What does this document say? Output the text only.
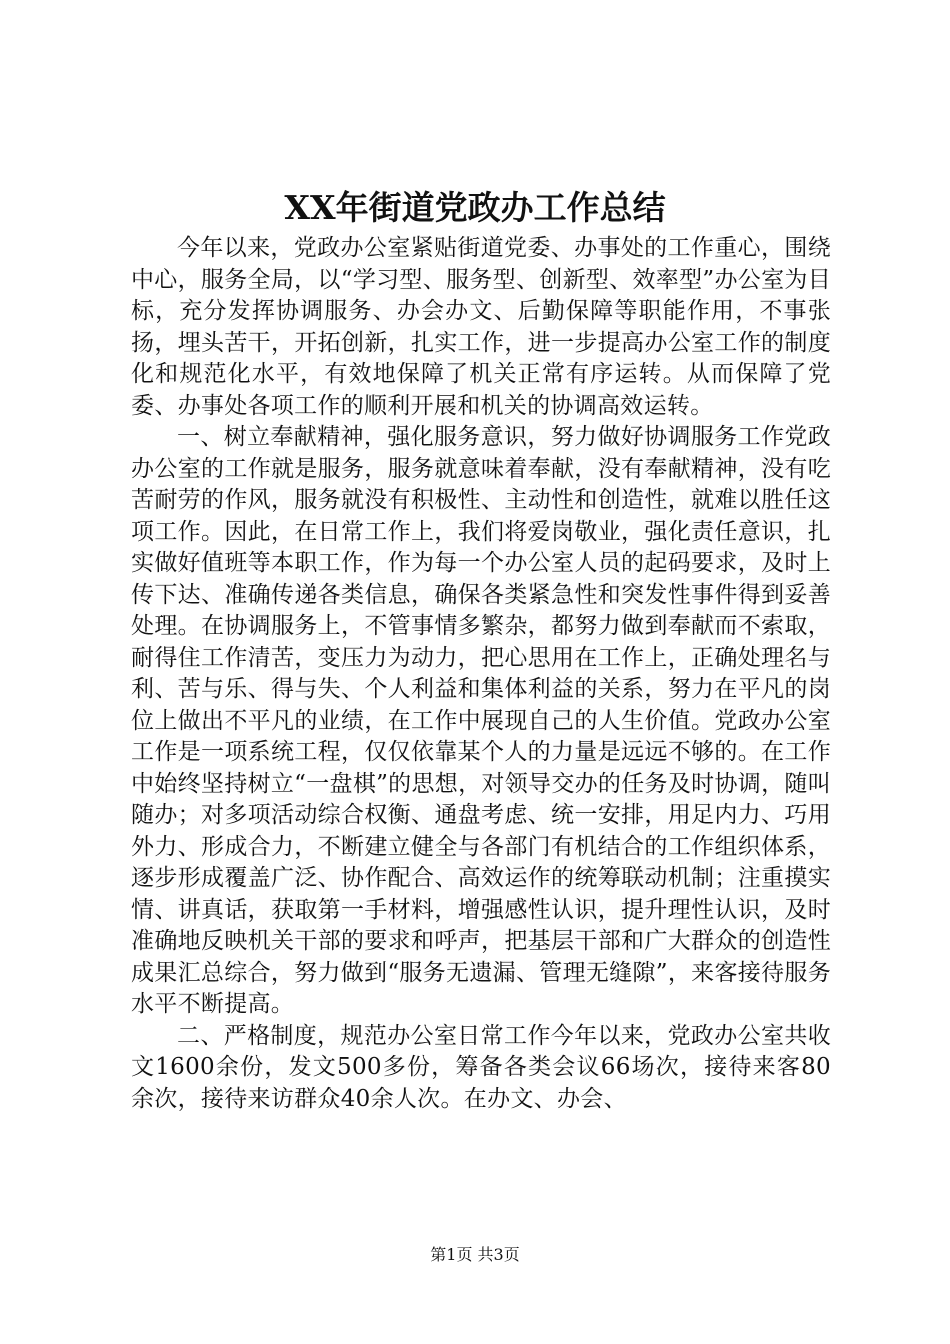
XX年街道党政办工作总结

今年以来，党政办公室紧贴街道党委、办事处的工作重心，围绕中心，服务全局，以“学习型、服务型、创新型、效率型”办公室为目标，充分发挥协调服务、办会办文、后勤保障等职能作用，不事张扬，埋头苦干，开拓创新，扎实工作，进一步提高办公室工作的制度化和规范化水平，有效地保障了机关正常有序运转。从而保障了党委、办事处各项工作的顺利开展和机关的协调高效运转。

一、树立奉献精神，强化服务意识，努力做好协调服务工作党政办公室的工作就是服务，服务就意味着奉献，没有奉献精神，没有吃苦耐劳的作风，服务就没有积极性、主动性和创造性，就难以胜任这项工作。因此，在日常工作上，我们将爱岗敬业，强化责任意识，扎实做好值班等本职工作，作为每一个办公室人员的起码要求，及时上传下达、准确传递各类信息，确保各类紧急性和突发性事件得到妥善处理。在协调服务上，不管事情多繁杂，都努力做到奉献而不索取，耐得住工作清苦，变压力为动力，把心思用在工作上，正确处理名与利、苦与乐、得与失、个人利益和集体利益的关系，努力在平凡的岗位上做出不平凡的业绩，在工作中展现自己的人生价值。党政办公室工作是一项系统工程，仅仅依靠某个人的力量是远远不够的。在工作中始终坚持树立“一盘棋”的思想，对领导交办的任务及时协调，随叫随办；对多项活动综合权衡、通盘考虑、统一安排，用足内力、巧用外力、形成合力，不断建立健全与各部门有机结合的工作组织体系，逐步形成覆盖广泛、协作配合、高效运作的统筹联动机制；注重摸实情、讲真话，获取第一手材料，增强感性认识，提升理性认识，及时准确地反映机关干部的要求和呼声，把基层干部和广大群众的创造性成果汇总综合，努力做到“服务无遗漏、管理无缝隙”，来客接待服务水平不断提高。

二、严格制度，规范办公室日常工作今年以来，党政办公室共收文1600余份，发文500多份，筹备各类会议66场次，接待来客80余次，接待来访群众40余人次。在办文、办会、

第1页 共3页
